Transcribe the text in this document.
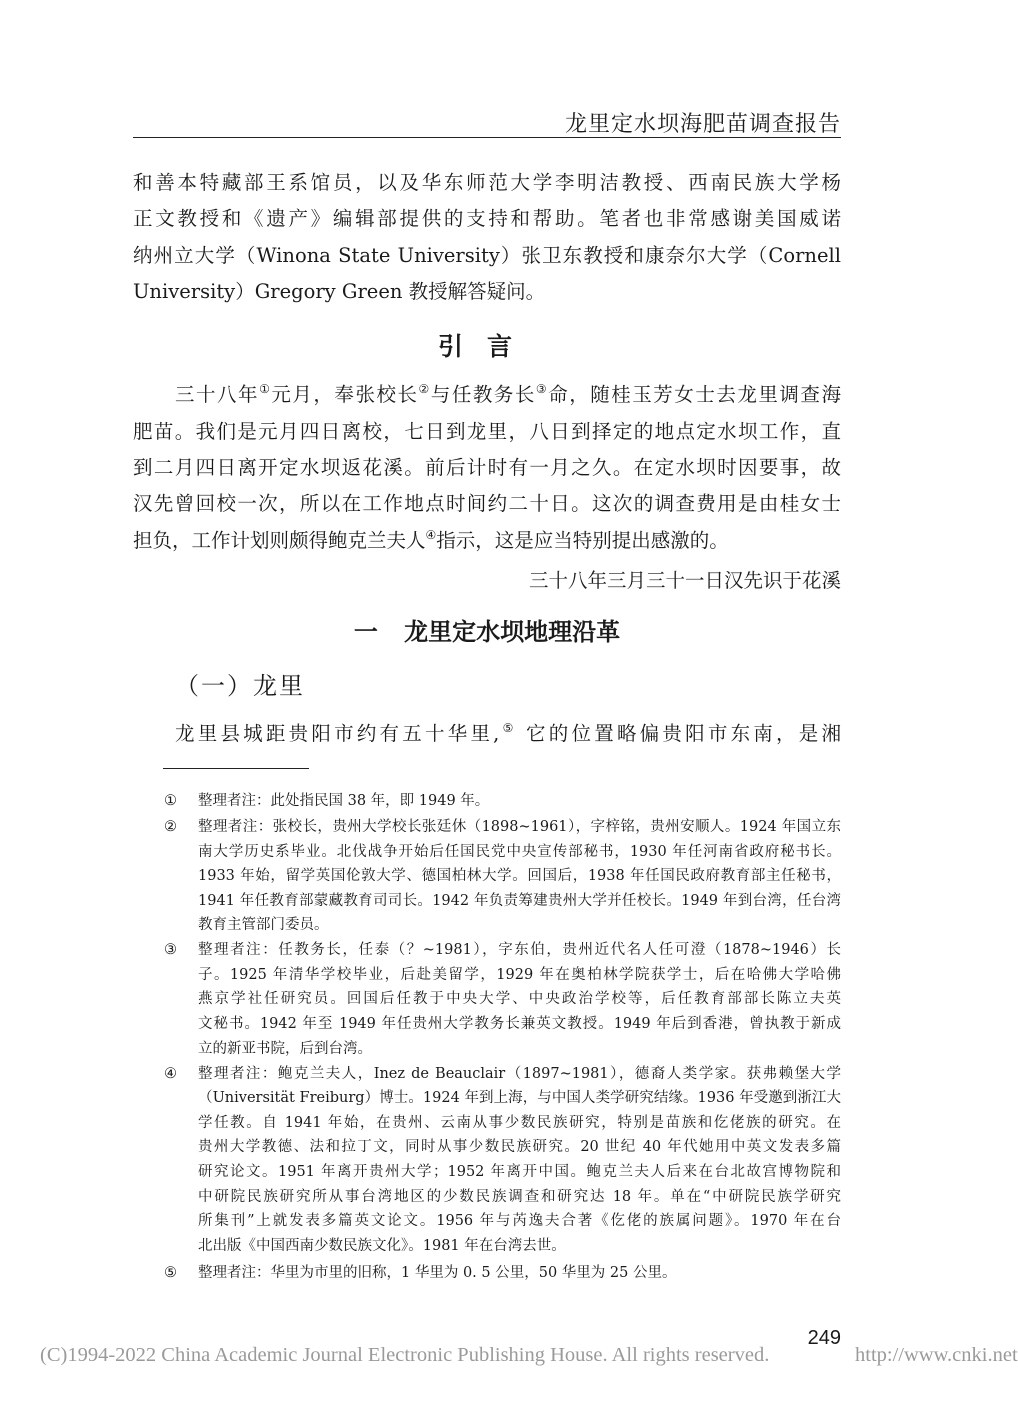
龙里定水坝海肥苗调查报告
和善本特藏部王系馆员，以及华东师范大学李明洁教授、西南民族大学杨
正文教授和《遗产》编辑部提供的支持和帮助。笔者也非常感谢美国威诺
纳州立大学（Winona State University）张卫东教授和康奈尔大学（Cornell
University）Gregory Green 教授解答疑问。
引言
三十八年①元月，奉张校长②与任教务长③命，随桂玉芳女士去龙里调查海
肥苗。我们是元月四日离校，七日到龙里，八日到择定的地点定水坝工作，直
到二月四日离开定水坝返花溪。前后计时有一月之久。在定水坝时因要事，故
汉先曾回校一次，所以在工作地点时间约二十日。这次的调查费用是由桂女士
担负，工作计划则颇得鲍克兰夫人④指示，这是应当特别提出感激的。
三十八年三月三十一日汉先识于花溪
一 龙里定水坝地理沿革
（一）龙里
龙里县城距贵阳市约有五十华里,⑤ 它的位置略偏贵阳市东南，是湘
① 整理者注：此处指民国 38 年，即 1949 年。
② 整理者注：张校长，贵州大学校长张廷休（1898~1961），字梓铭，贵州安顺人。1924 年国立东
南大学历史系毕业。北伐战争开始后任国民党中央宣传部秘书，1930 年任河南省政府秘书长。
1933 年始，留学英国伦敦大学、德国柏林大学。回国后，1938 年任国民政府教育部主任秘书，
1941 年任教育部蒙藏教育司司长。1942 年负责筹建贵州大学并任校长。1949 年到台湾，任台湾
教育主管部门委员。
③ 整理者注：任教务长，任泰（？~1981），字东伯，贵州近代名人任可澄（1878~1946）长
子。1925 年清华学校毕业，后赴美留学，1929 年在奥柏林学院获学士，后在哈佛大学哈佛
燕京学社任研究员。回国后任教于中央大学、中央政治学校等，后任教育部部长陈立夫英
文秘书。1942 年至 1949 年任贵州大学教务长兼英文教授。1949 年后到香港，曾执教于新成
立的新亚书院，后到台湾。
④ 整理者注：鲍克兰夫人，Inez de Beauclair（1897~1981），德裔人类学家。获弗赖堡大学
（Universität Freiburg）博士。1924 年到上海，与中国人类学研究结缘。1936 年受邀到浙江大
学任教。自 1941 年始，在贵州、云南从事少数民族研究，特别是苗族和仡佬族的研究。在
贵州大学教德、法和拉丁文，同时从事少数民族研究。20 世纪 40 年代她用中英文发表多篇
研究论文。1951 年离开贵州大学；1952 年离开中国。鲍克兰夫人后来在台北故宫博物院和
中研院民族研究所从事台湾地区的少数民族调查和研究达 18 年。单在“中研院民族学研究
所集刊”上就发表多篇英文论文。1956 年与芮逸夫合著《仡佬的族属问题》。1970 年在台
北出版《中国西南少数民族文化》。1981 年在台湾去世。
⑤ 整理者注：华里为市里的旧称，1 华里为 0. 5 公里，50 华里为 25 公里。
249
(C)1994-2022 China Academic Journal Electronic Publishing House. All rights reserved.	http://www.cnki.net
